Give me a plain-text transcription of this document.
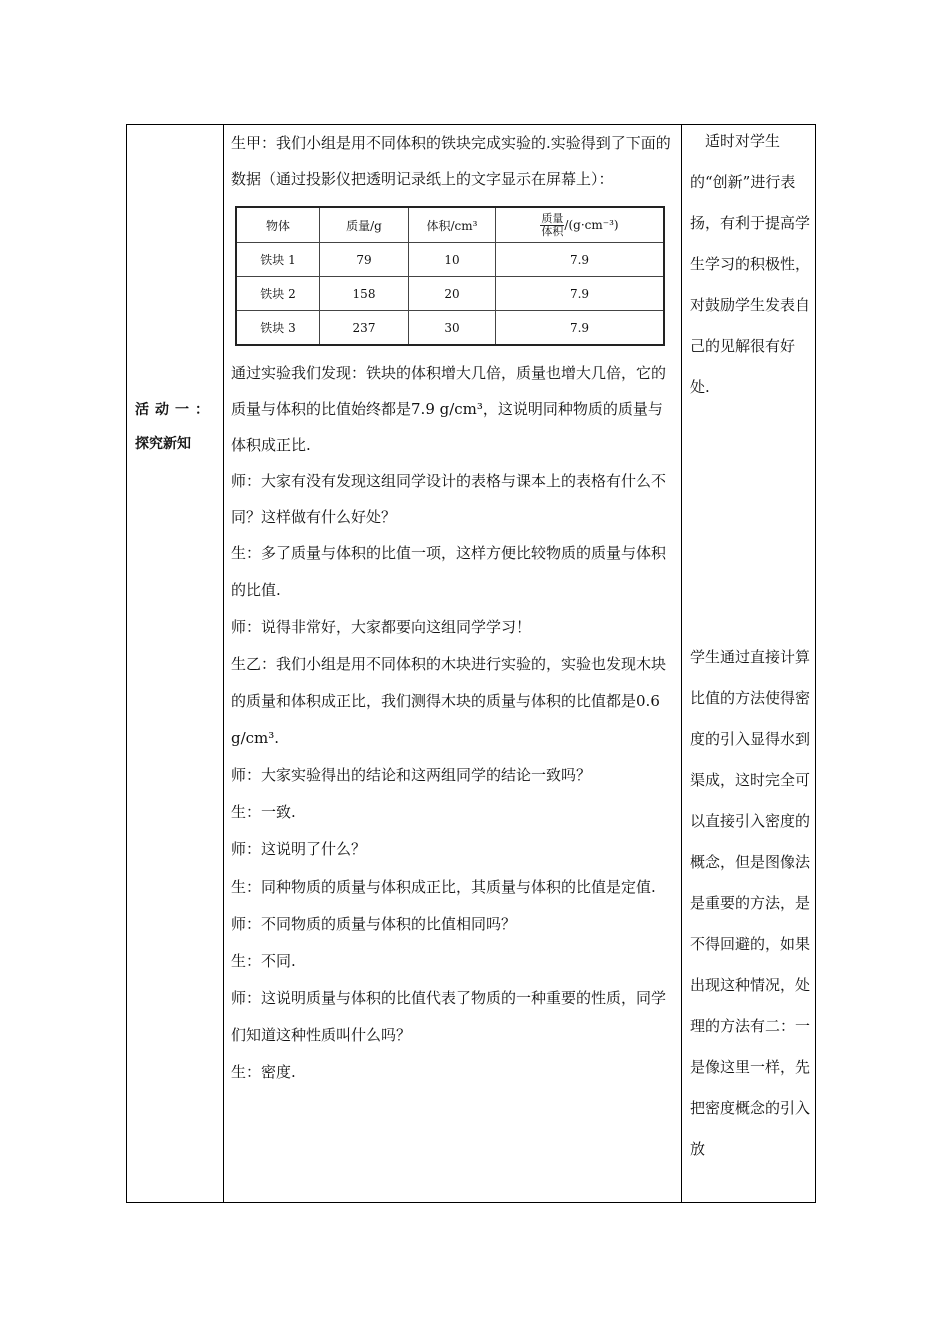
活动一：
探究新知

生甲：我们小组是用不同体积的铁块完成实验的.实验得到了下面的数据（通过投影仪把透明记录纸上的文字显示在屏幕上）：

物体	质量/g	体积/cm³	$\frac{\text{质量}}{\text{体积}} /(g\cdot cm^{-3})$
铁块 1	79	10	7.9
铁块 2	158	20	7.9
铁块 3	237	30	7.9

通过实验我们发现：铁块的体积增大几倍，质量也增大几倍，它的质量与体积的比值始终都是7.9 g/cm³，这说明同种物质的质量与体积成正比.

师：大家有没有发现这组同学设计的表格与课本上的表格有什么不同？这样做有什么好处？

生：多了质量与体积的比值一项，这样方便比较物质的质量与体积的比值.

师：说得非常好，大家都要向这组同学学习！

生乙：我们小组是用不同体积的木块进行实验的，实验也发现木块的质量和体积成正比，我们测得木块的质量与体积的比值都是0.6 g/cm³.

师：大家实验得出的结论和这两组同学的结论一致吗？

生：一致.

师：这说明了什么？

生：同种物质的质量与体积成正比，其质量与体积的比值是定值.

师：不同物质的质量与体积的比值相同吗？

生：不同.

师：这说明质量与体积的比值代表了物质的一种重要的性质，同学们知道这种性质叫什么吗？

生：密度.

　适时对学生的“创新”进行表扬，有利于提高学生学习的积极性，对鼓励学生发表自己的见解很有好处.

学生通过直接计算比值的方法使得密度的引入显得水到渠成，这时完全可以直接引入密度的概念，但是图像法是重要的方法，是不得回避的，如果出现这种情况，处理的方法有二：一是像这里一样，先把密度概念的引入放
